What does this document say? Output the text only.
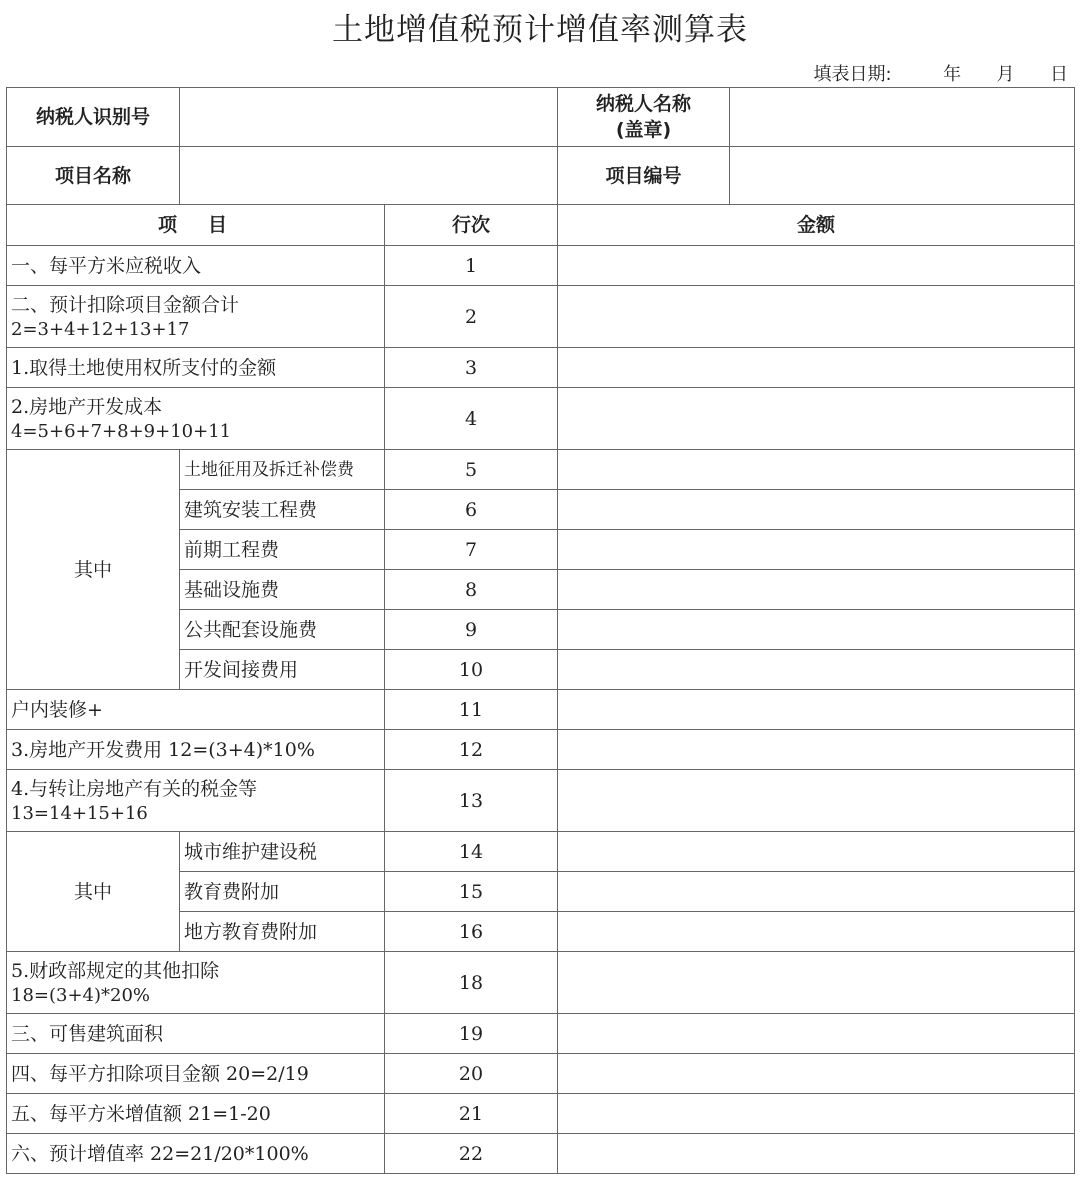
土地增值税预计增值率测算表
填表日期:	年 月 日
纳税人识别号			纳税人名称
(盖章)	

项目名称			项目编号	
项　目		行次	金额	

一、每平方米应税收入		1		

二、预计扣除项目金额合计
2=3+4+12+13+17		2		

1.取得土地使用权所支付的金额		3		

2.房地产开发成本
4=5+6+7+8+9+10+11		4		
其中	土地征用及拆迁补偿费	5		
	建筑安装工程费	6		
	前期工程费	7		
	基础设施费	8		
	公共配套设施费	9		
	开发间接费用	10		

户内装修+		11		

3.房地产开发费用 12=(3+4)*10%		12		

4.与转让房地产有关的税金等
13=14+15+16		13		
其中	城市维护建设税	14		
	教育费附加	15		
	地方教育费附加	16		

5.财政部规定的其他扣除
18=(3+4)*20%		18		

三、可售建筑面积		19		

四、每平方扣除项目金额 20=2/19		20		

五、每平方米增值额 21=1-20		21		

六、预计增值率 22=21/20*100%		22		
